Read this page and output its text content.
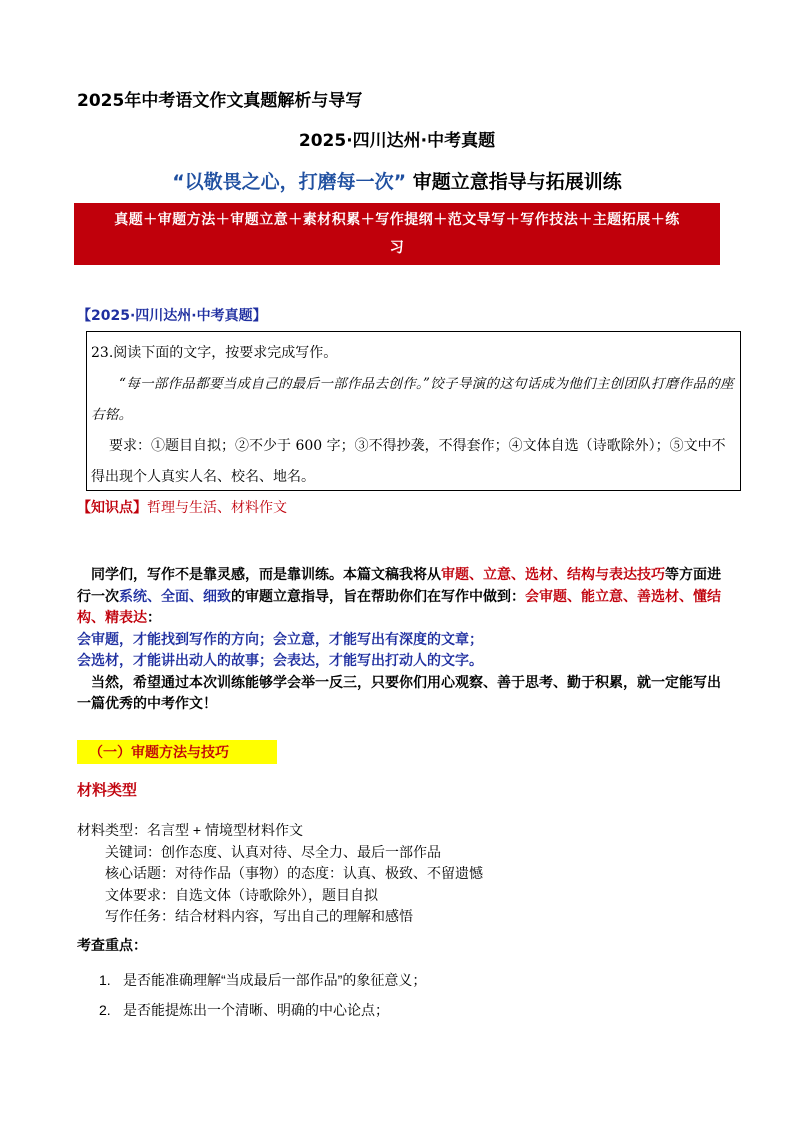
2025年中考语文作文真题解析与导写
2025·四川达州·中考真题
“以敬畏之心，打磨每一次” 审题立意指导与拓展训练
真题＋审题方法＋审题立意＋素材积累＋写作提纲＋范文导写＋写作技法＋主题拓展＋练
习
【2025·四川达州·中考真题】

23.阅读下面的文字，按要求完成写作。

“每一部作品都要当成自己的最后一部作品去创作。”饺子导演的这句话成为他们主创团队打磨作品的座右铭。

要求：①题目自拟；②不少于 600 字；③不得抄袭，不得套作；④文体自选（诗歌除外）；⑤文中不得出现个人真实人名、校名、地名。

【知识点】哲理与生活、材料作文

　同学们，写作不是靠灵感，而是靠训练。本篇文稿我将从审题、立意、选材、结构与表达技巧等方面进行一次系统、全面、细致的审题立意指导，旨在帮助你们在写作中做到：会审题、能立意、善选材、懂结构、精表达：

会审题，才能找到写作的方向；会立意，才能写出有深度的文章；

会选材，才能讲出动人的故事；会表达，才能写出打动人的文字。

　当然，希望通过本次训练能够学会举一反三，只要你们用心观察、善于思考、勤于积累，就一定能写出一篇优秀的中考作文！

（一）审题方法与技巧
材料类型
材料类型：名言型 + 情境型材料作文
关键词：创作态度、认真对待、尽全力、最后一部作品
核心话题：对待作品（事物）的态度：认真、极致、不留遗憾
文体要求：自选文体（诗歌除外），题目自拟
写作任务：结合材料内容，写出自己的理解和感悟
考查重点：
1. 是否能准确理解“当成最后一部作品”的象征意义；
2. 是否能提炼出一个清晰、明确的中心论点；
